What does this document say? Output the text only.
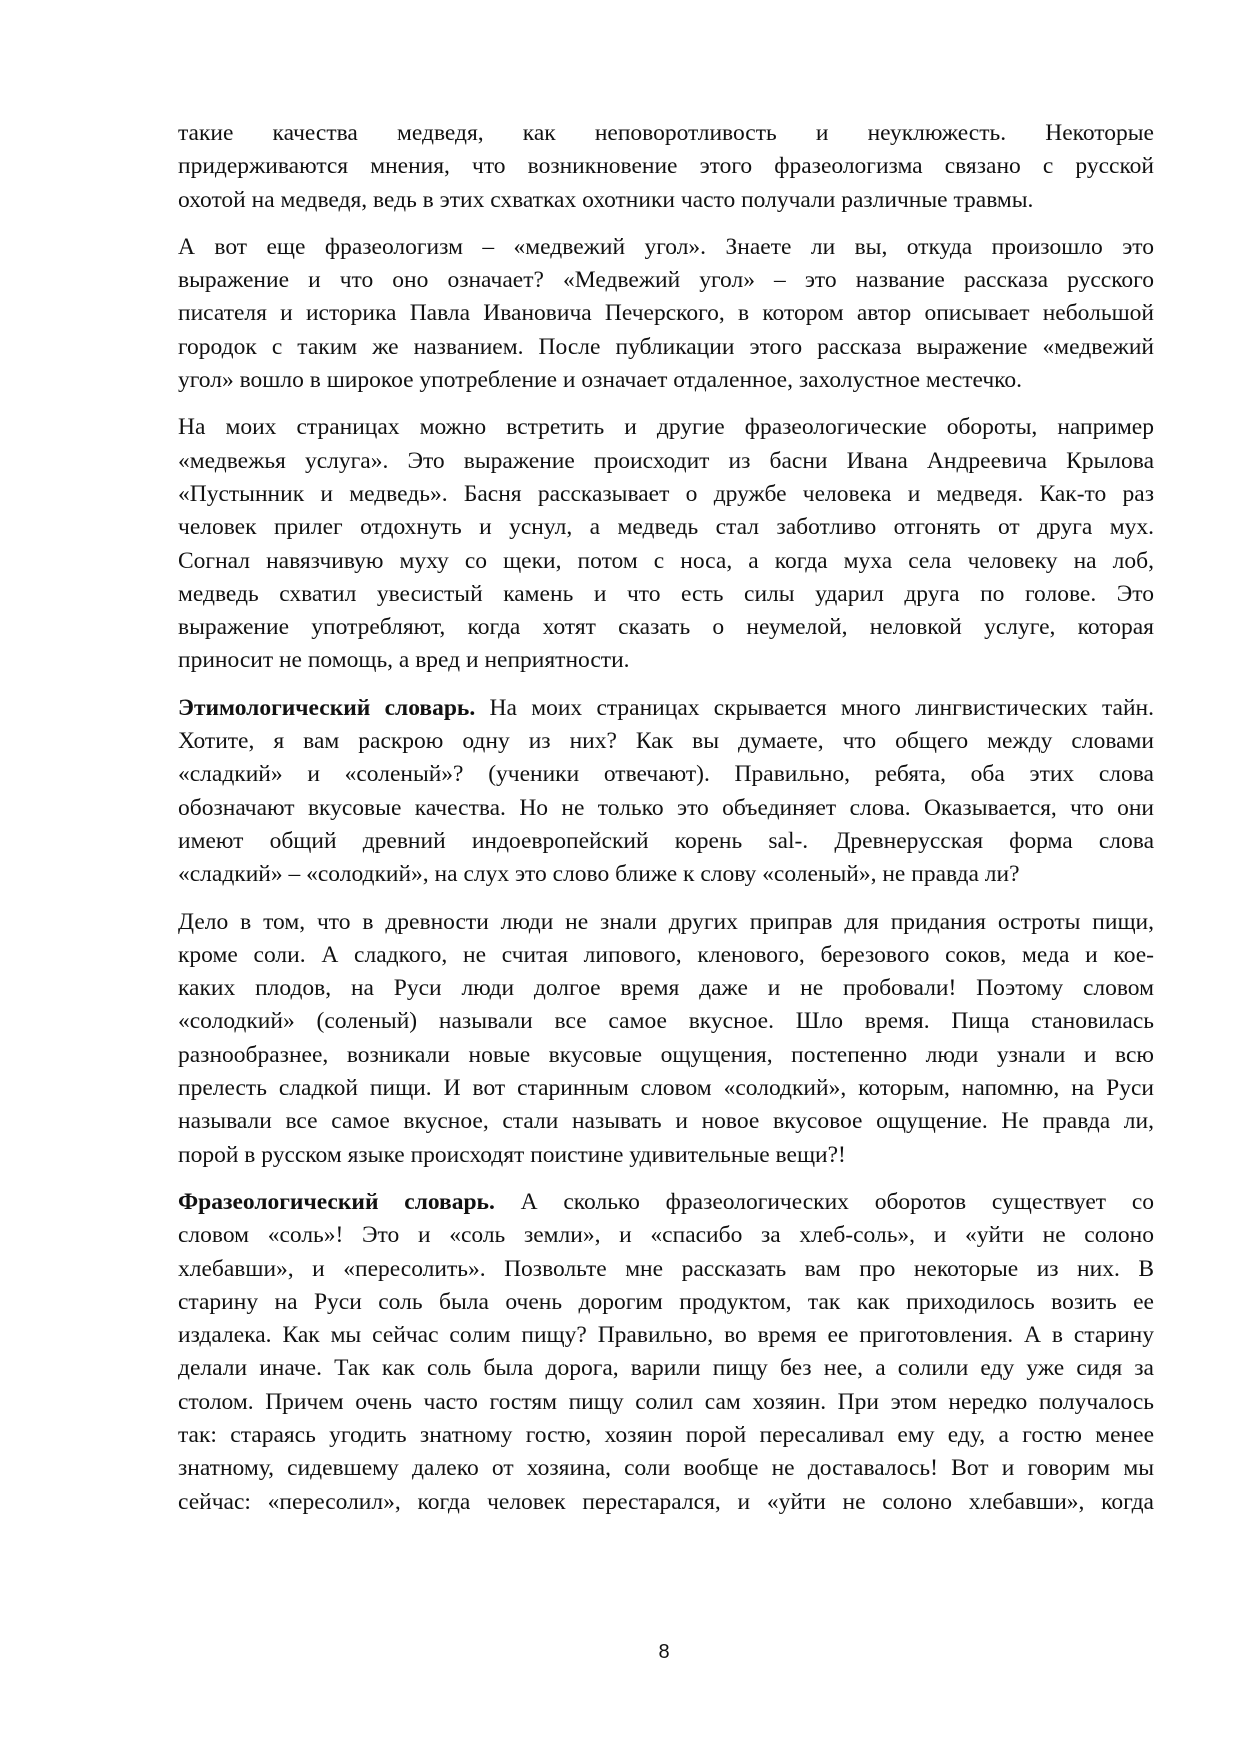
такие качества медведя, как неповоротливость и неуклюжесть. Некоторые
придерживаются мнения, что возникновение этого фразеологизма связано с русской
охотой на медведя, ведь в этих схватках охотники часто получали различные травмы.

А вот еще фразеологизм – «медвежий угол». Знаете ли вы, откуда произошло это
выражение и что оно означает? «Медвежий угол» – это название рассказа русского
писателя и историка Павла Ивановича Печерского, в котором автор описывает небольшой
городок с таким же названием. После публикации этого рассказа выражение «медвежий
угол» вошло в широкое употребление и означает отдаленное, захолустное местечко.

На моих страницах можно встретить и другие фразеологические обороты, например
«медвежья услуга». Это выражение происходит из басни Ивана Андреевича Крылова
«Пустынник и медведь». Басня рассказывает о дружбе человека и медведя. Как-то раз
человек прилег отдохнуть и уснул, а медведь стал заботливо отгонять от друга мух.
Согнал навязчивую муху со щеки, потом с носа, а когда муха села человеку на лоб,
медведь схватил увесистый камень и что есть силы ударил друга по голове. Это
выражение употребляют, когда хотят сказать о неумелой, неловкой услуге, которая
приносит не помощь, а вред и неприятности.

Этимологический словарь. На моих страницах скрывается много лингвистических тайн.
Хотите, я вам раскрою одну из них? Как вы думаете, что общего между словами
«сладкий» и «соленый»? (ученики отвечают). Правильно, ребята, оба этих слова
обозначают вкусовые качества. Но не только это объединяет слова. Оказывается, что они
имеют общий древний индоевропейский корень sal-. Древнерусская форма слова
«сладкий» – «солодкий», на слух это слово ближе к слову «соленый», не правда ли?

Дело в том, что в древности люди не знали других приправ для придания остроты пищи,
кроме соли. А сладкого, не считая липового, кленового, березового соков, меда и кое-
каких плодов, на Руси люди долгое время даже и не пробовали! Поэтому словом
«солодкий» (соленый) называли все самое вкусное. Шло время. Пища становилась
разнообразнее, возникали новые вкусовые ощущения, постепенно люди узнали и всю
прелесть сладкой пищи. И вот старинным словом «солодкий», которым, напомню, на Руси
называли все самое вкусное, стали называть и новое вкусовое ощущение. Не правда ли,
порой в русском языке происходят поистине удивительные вещи?!

Фразеологический словарь. А сколько фразеологических оборотов существует со
словом «соль»! Это и «соль земли», и «спасибо за хлеб-соль», и «уйти не солоно
хлебавши», и «пересолить». Позвольте мне рассказать вам про некоторые из них. В
старину на Руси соль была очень дорогим продуктом, так как приходилось возить ее
издалека. Как мы сейчас солим пищу? Правильно, во время ее приготовления. А в старину
делали иначе. Так как соль была дорога, варили пищу без нее, а солили еду уже сидя за
столом. Причем очень часто гостям пищу солил сам хозяин. При этом нередко получалось
так: стараясь угодить знатному гостю, хозяин порой пересаливал ему еду, а гостю менее
знатному, сидевшему далеко от хозяина, соли вообще не доставалось! Вот и говорим мы
сейчас: «пересолил», когда человек перестарался, и «уйти не солоно хлебавши», когда

8
